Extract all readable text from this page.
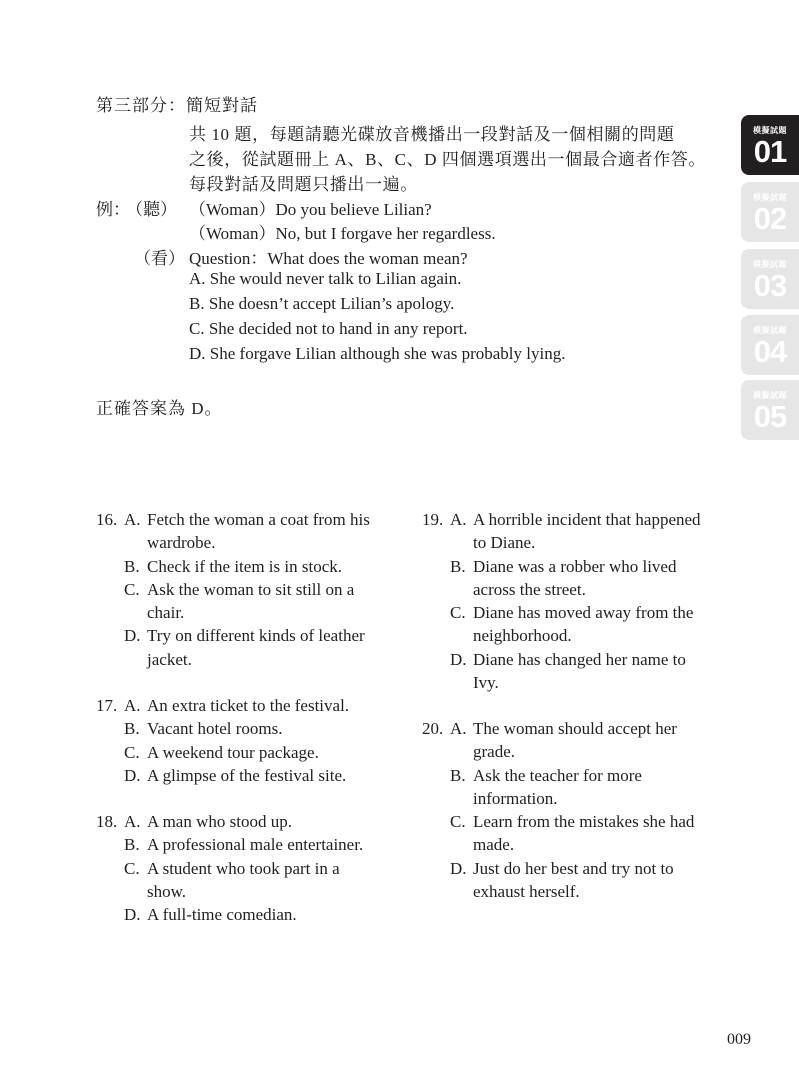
第三部分：簡短對話
共 10 題，每題請聽光碟放音機播出一段對話及一個相關的問題
之後，從試題冊上 A、B、C、D 四個選項選出一個最合適者作答。
每段對話及問題只播出一遍。
例：
（聽） （Woman）Do you believe Lilian?
（Woman）No, but I forgave her regardless.
（看） Question：What does the woman mean?
A. She would never talk to Lilian again.
B. She doesn’t accept Lilian’s apology.
C. She decided not to hand in any report.
D. She forgave Lilian although she was probably lying.
正確答案為 D。
16. A. Fetch the woman a coat from his
wardrobe.
B. Check if the item is in stock.
C. Ask the woman to sit still on a
chair.
D. Try on different kinds of leather
jacket.
17. A. An extra ticket to the festival.
B. Vacant hotel rooms.
C. A weekend tour package.
D. A glimpse of the festival site.
18. A. A man who stood up.
B. A professional male entertainer.
C. A student who took part in a
show.
D. A full-time comedian.
19. A. A horrible incident that happened
to Diane.
B. Diane was a robber who lived
across the street.
C. Diane has moved away from the
neighborhood.
D. Diane has changed her name to
Ivy.
20. A. The woman should accept her
grade.
B. Ask the teacher for more
information.
C. Learn from the mistakes she had
made.
D. Just do her best and try not to
exhaust herself.
模擬試題
01
模擬試題
02
模擬試題
03
模擬試題
04
模擬試題
05
009
